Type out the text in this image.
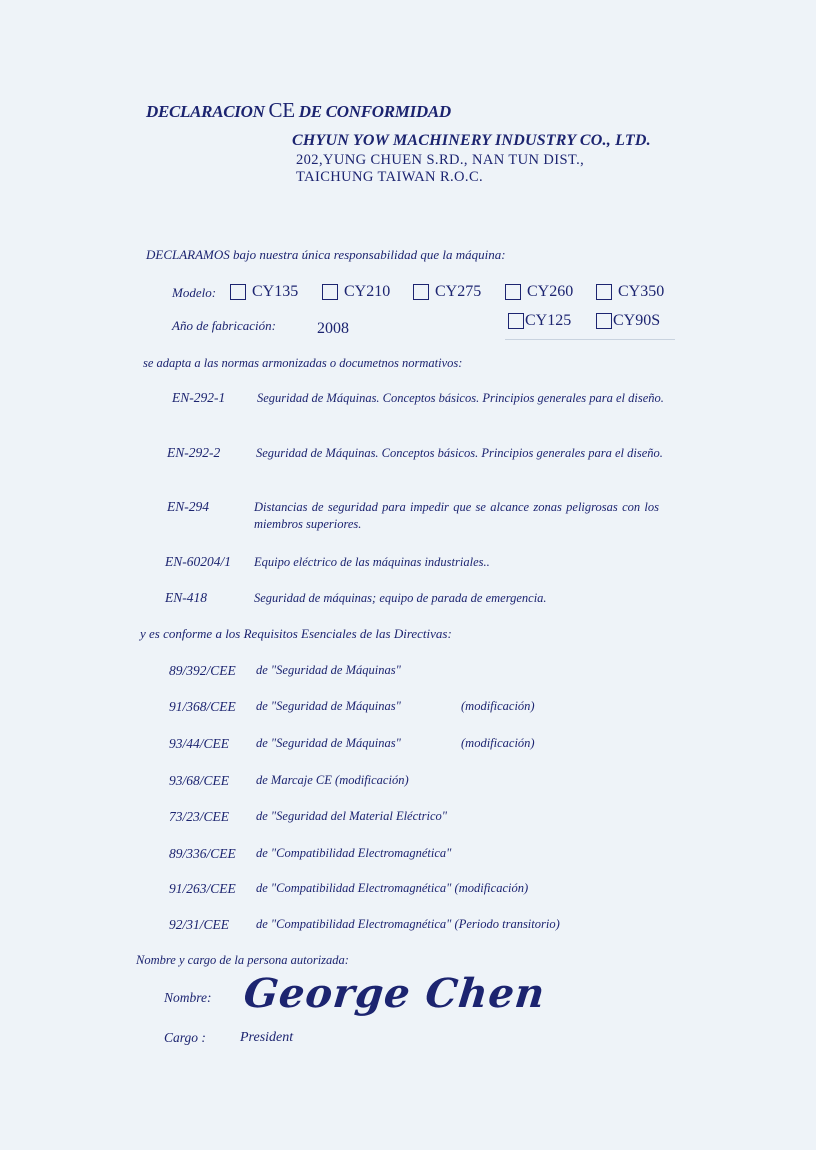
DECLARACION CE DE CONFORMIDAD
CHYUN YOW MACHINERY INDUSTRY CO., LTD.
202,YUNG CHUEN S.RD., NAN TUN DIST.,
TAICHUNG TAIWAN R.O.C.
DECLARAMOS bajo nuestra única responsabilidad que la máquina:
Modelo: CY135	CY210	CY275	CY260	CY350
CY125	CY90S
Año de fabricación:	2008
se adapta a las normas armonizadas o documetnos normativos:
EN-292-1	Seguridad de Máquinas. Conceptos básicos. Principios generales para el diseño.
EN-292-2	Seguridad de Máquinas. Conceptos básicos. Principios generales para el diseño.
EN-294	Distancias de seguridad para impedir que se alcance zonas peligrosas con los miembros superiores.
EN-60204/1 Equipo eléctrico de las máquinas industriales..
EN-418	Seguridad de máquinas; equipo de parada de emergencia.
y es conforme a los Requisitos Esenciales de las Directivas:
89/392/CEE de "Seguridad de Máquinas"
91/368/CEE de "Seguridad de Máquinas"	(modificación)
93/44/CEE de "Seguridad de Máquinas"	(modificación)
93/68/CEE de Marcaje CE (modificación)
73/23/CEE de "Seguridad del Material Eléctrico"
89/336/CEE de "Compatibilidad Electromagnética"
91/263/CEE de "Compatibilidad Electromagnética" (modificación)
92/31/CEE de "Compatibilidad Electromagnética" (Periodo transitorio)
Nombre y cargo de la persona autorizada:
Nombre: George Chen
Cargo : President
